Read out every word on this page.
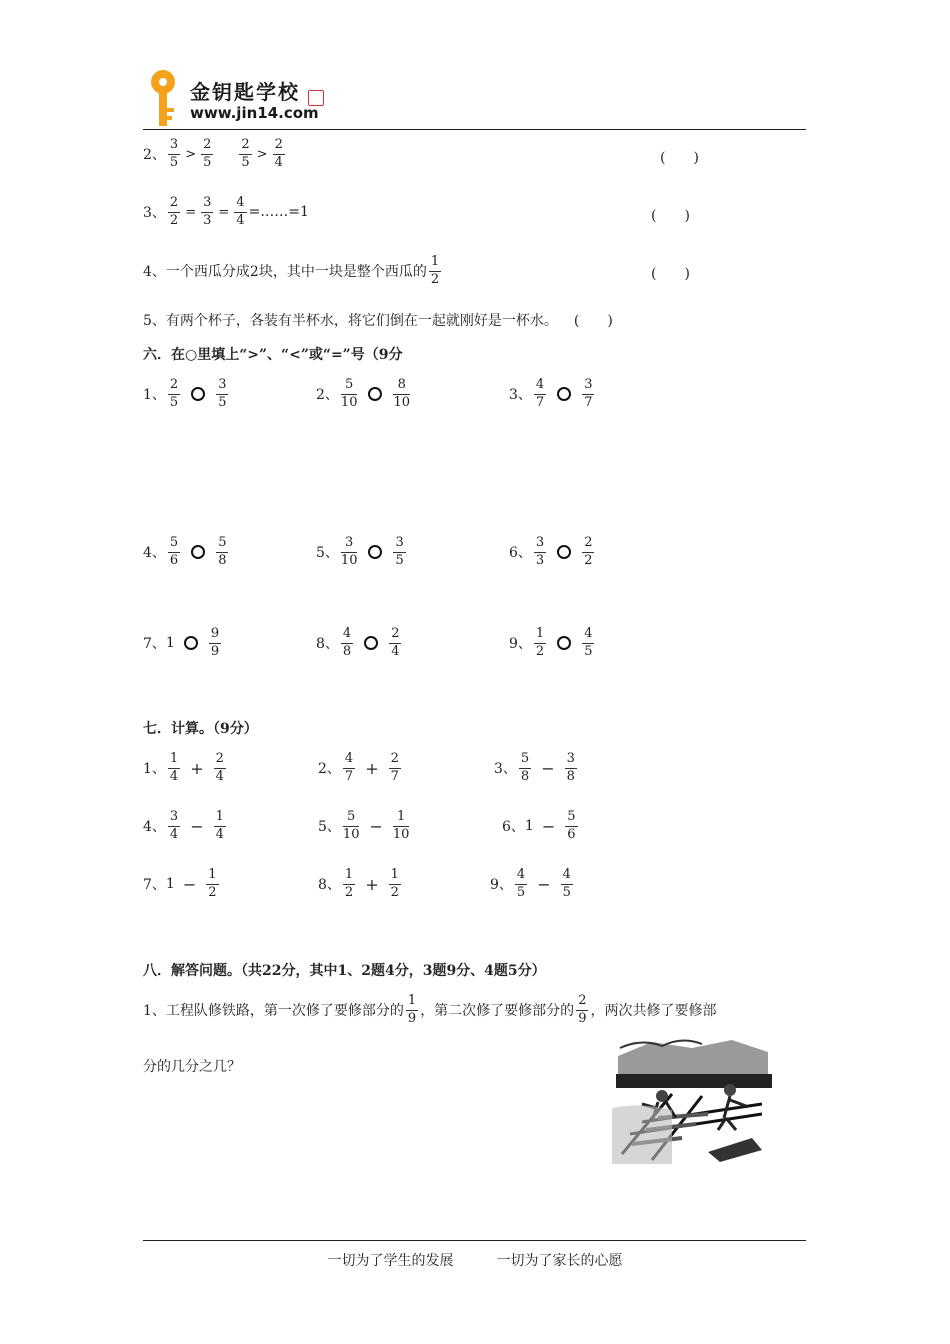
金钥匙学校
www.jin14.com
2、 $\frac{3}{5} > \frac{2}{5} \frac{2}{5} > \frac{2}{4}$	(　　)
3、 $\frac{2}{2} = \frac{3}{3} = \frac{4}{4}$ =……=1	(　　)
4、 一个西瓜分成2块，其中一块是整个西瓜的 $\frac{1}{2}$	(　　)
5、 有两个杯子，各装有半杯水，将它们倒在一起就刚好是一杯水。 (　　)
六．在○里填上“>”、“<”或“=”号（9分
1、 $\frac{2}{5}$	$\frac{3}{5}$	2、 $\frac{5}{10}$	$\frac{8}{10}$	3、 $\frac{4}{7}$	$\frac{3}{7}$
4、 $\frac{5}{6}$	$\frac{5}{8}$	5、 $\frac{3}{10}$	$\frac{3}{5}$	6、 $\frac{3}{3}$	$\frac{2}{2}$
7、 1	$\frac{9}{9}$	8、 $\frac{4}{8}$	$\frac{2}{4}$	9、 $\frac{1}{2}$	$\frac{4}{5}$
七．计算。（9分）
1、 $\frac{1}{4} + \frac{2}{4}$	2、 $\frac{4}{7} + \frac{2}{7}$	3、 $\frac{5}{8} - \frac{3}{8}$
4、 $\frac{3}{4} - \frac{1}{4}$	5、 $\frac{5}{10} - \frac{1}{10}$	6、 $1 - \frac{5}{6}$
7、 $1 - \frac{1}{2}$	8、 $\frac{1}{2} + \frac{1}{2}$	9、 $\frac{4}{5} - \frac{4}{5}$
八．解答问题。（共22分，其中1、2题4分，3题9分、4题5分）
1、工程队修铁路，第一次修了要修部分的 $\frac{1}{9}$ ，第二次修了要修部分的 $\frac{2}{9}$ ，两次共修了要修部
分的几分之几？
一切为了学生的发展	一切为了家长的心愿
